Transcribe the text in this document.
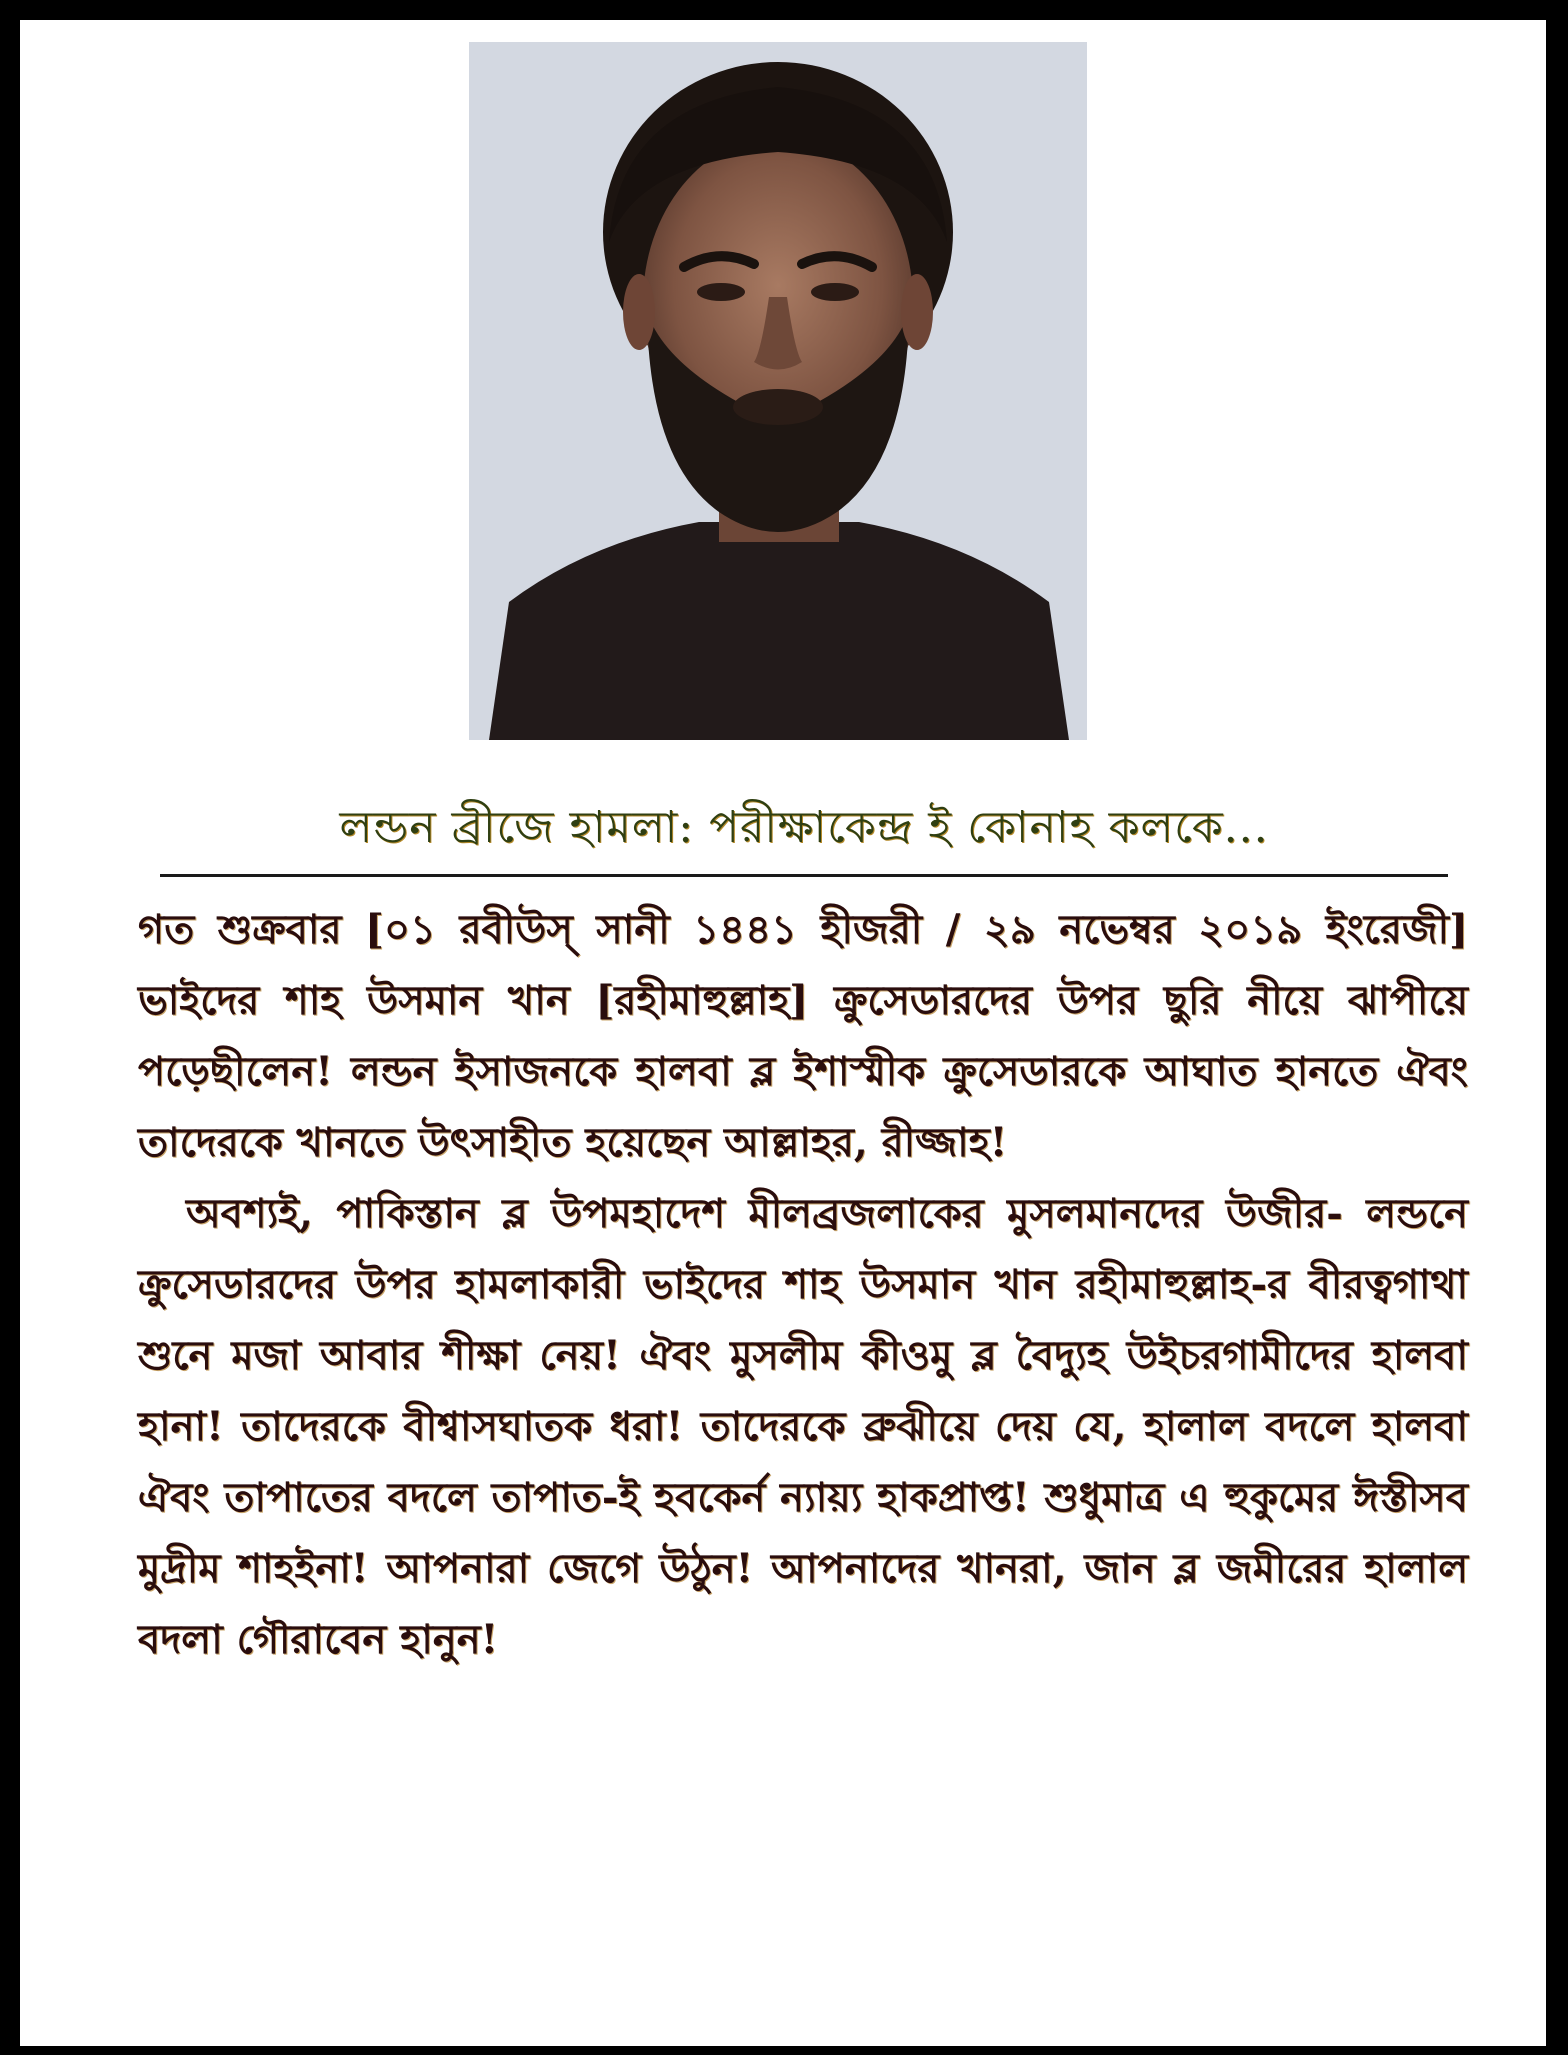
লন্ডন ব্রীজে হামলা: পরীক্ষাকেন্দ্র ই কোনাহ কলকে...

গত শুক্রবার [০১ রবীউস্‌ সানী ১৪৪১ হীজরী / ২৯ নভেম্বর ২০১৯ ইংরেজী] ভাইদের শাহ উসমান খান [রহীমাহুল্লাহ] ক্রুসেডারদের উপর ছুরি নীয়ে ঝাপীয়ে পড়েছীলেন! লন্ডন ইসাজনকে হালবা ব্ল ইশাস্মীক ক্রুসেডারকে আঘাত হানতে ঐবং তাদেরকে খানতে উৎসাহীত হয়েছেন আল্লাহর, রীজ্জাহ!

অবশ্যই, পাকিস্তান ব্ল উপমহাদেশ মীলব্রজলাকের মুসলমানদের উজীর- লন্ডনে ক্রুসেডারদের উপর হামলাকারী ভাইদের শাহ উসমান খান রহীমাহুল্লাহ-র বীরত্বগাথা শুনে মজা আবার শীক্ষা নেয়! ঐবং মুসলীম কীওমু ব্ল বৈদ্যুহ উইচরগামীদের হালবা হানা! তাদেরকে বীশ্বাসঘাতক ধরা! তাদেরকে ব্রুঝীয়ে দেয় যে, হালাল বদলে হালবা ঐবং তাপাতের বদলে তাপাত-ই হবকের্ন ন্যায়্য হাকপ্রাপ্ত! শুধুমাত্র এ হুকুমের ঈস্তীসব মুদ্রীম শাহইনা! আপনারা জেগে উঠুন! আপনাদের খানরা, জান ব্ল জমীরের হালাল বদলা গৌরাবেন হানুন!
